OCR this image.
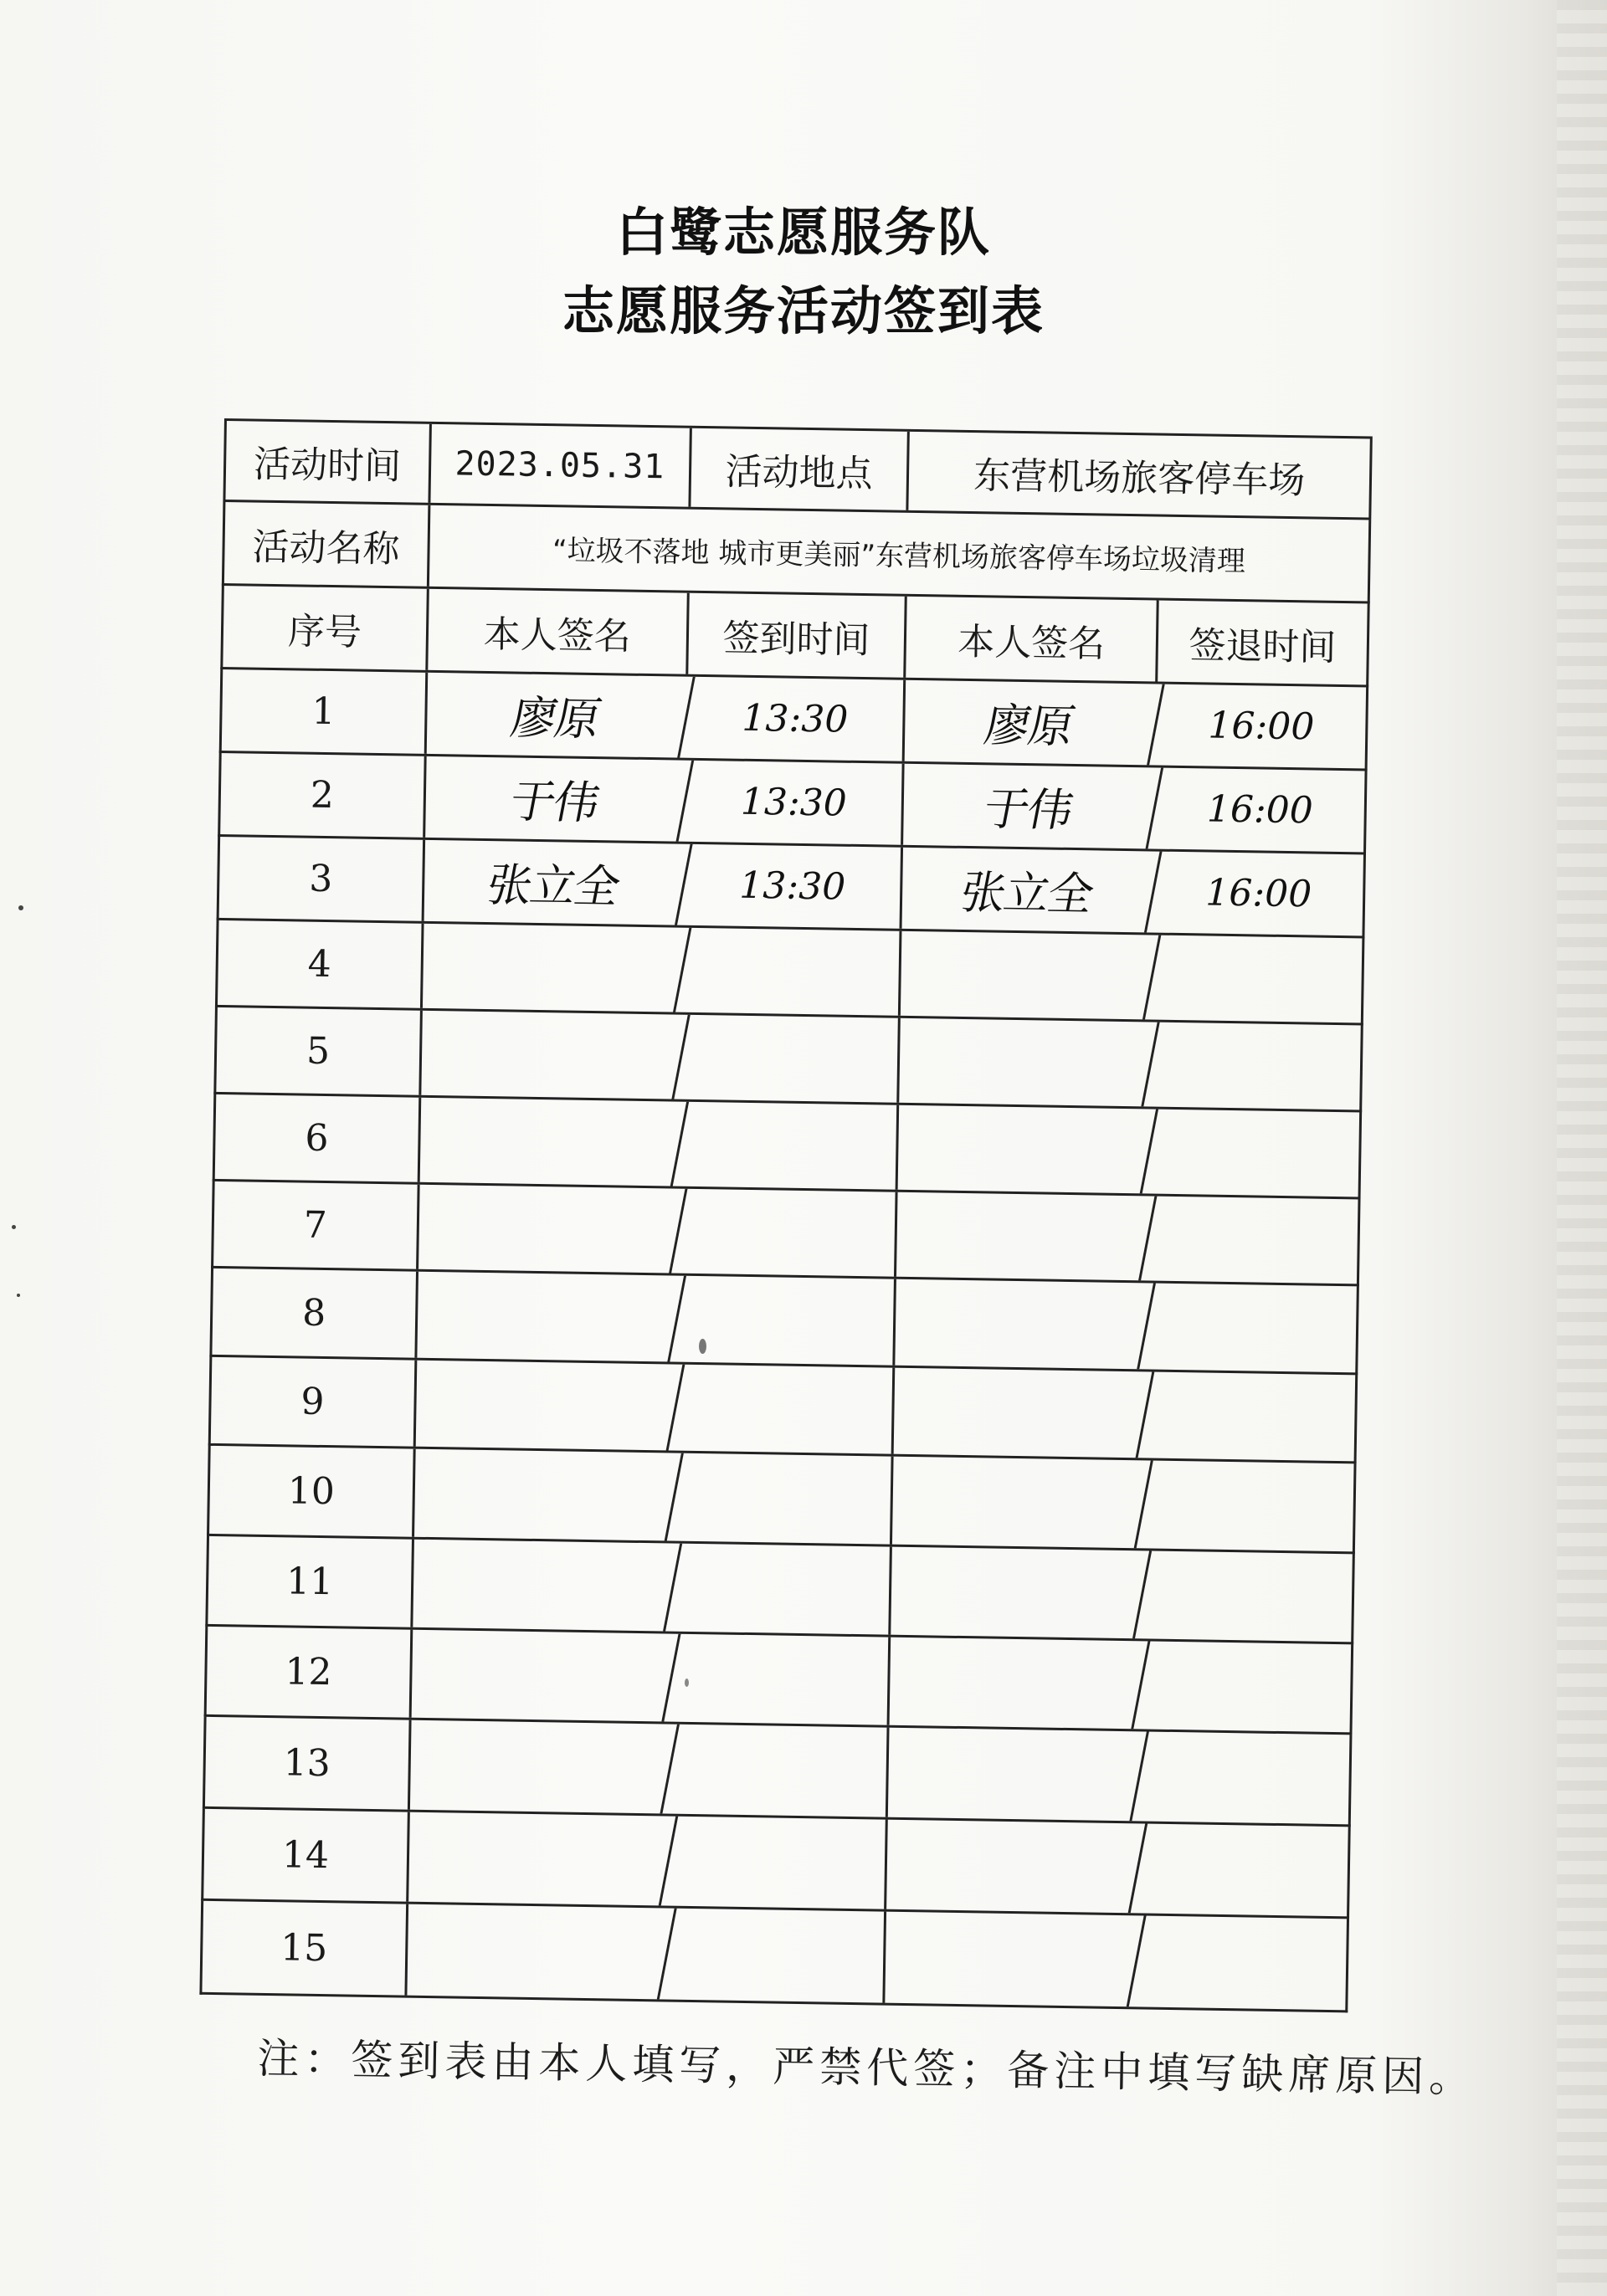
白鹭志愿服务队
志愿服务活动签到表
活动时间	2023.05.31	活动地点	东营机场旅客停车场
活动名称	“垃圾不落地 城市更美丽”东营机场旅客停车场垃圾清理
序号	本人签名	签到时间	本人签名	签退时间
1	廖原	13:30	廖原	16:00
2	于伟	13:30	于伟	16:00
3	张立全	13:30	张立全	16:00
4
5
6
7
8
9
10
11
12
13
14
15
注：签到表由本人填写，严禁代签；备注中填写缺席原因。
